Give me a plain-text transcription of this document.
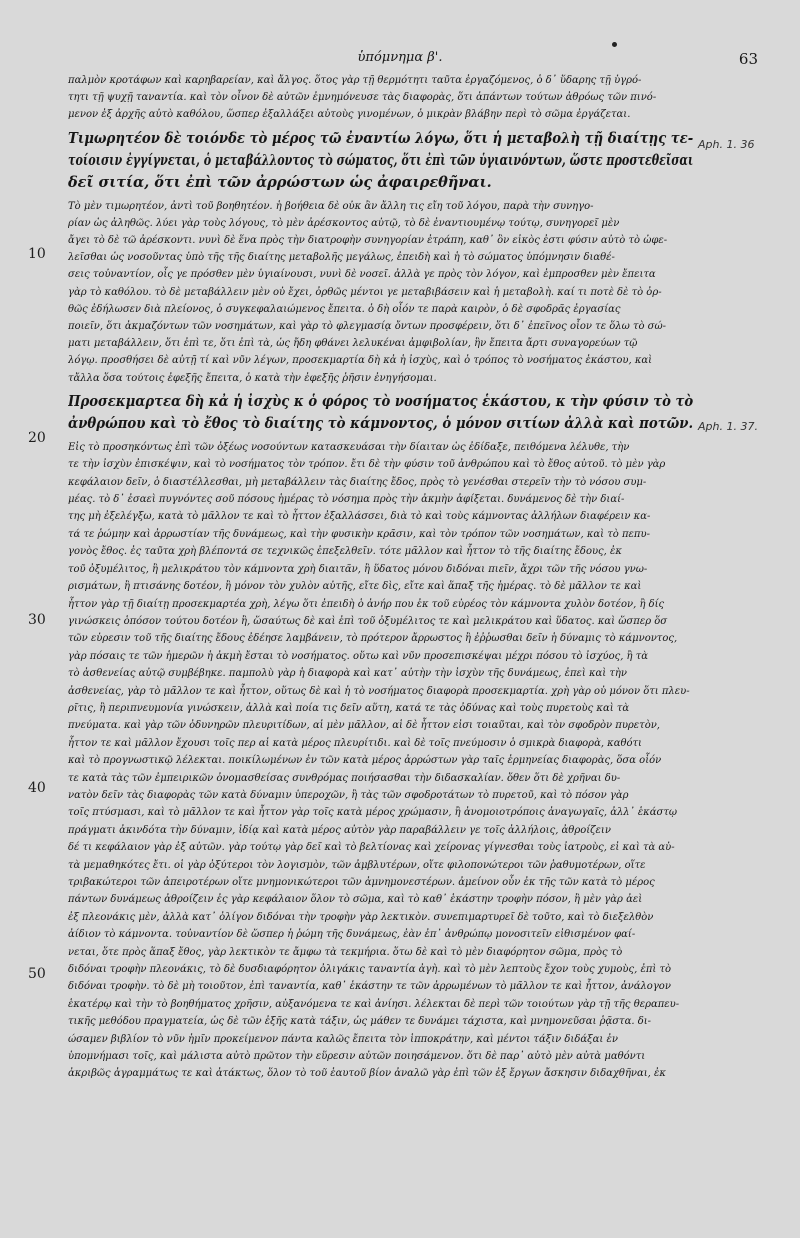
ὑπόμνημα β'.	63
10
20
30
40
50
Aph. 1. 36
Aph. 1. 37.
παλμὸν κροτάφων καὶ καρηβαρείαν, καὶ ἄλγος. ὅτος γὰρ τῇ θερμότητι ταῦτα ἐργαζόμενος, ὁ δ᾽ ὕδαρης τῇ ὑγρό-
τητι τῇ ψυχῇ ταναντία. καὶ τὸν οἶνον δὲ αὐτῶν ἐμνημόνευσε τὰς διαφορὰς, ὅτι ἁπάντων τούτων ἀθρόως τῶν πινό-
μενον ἐξ ἀρχῆς αὐτὸ καθόλου, ὥσπερ ἐξαλλάξει αὐτοὺς γινομένων, ὁ μικρὰν βλάβην περὶ τὸ σῶμα ἐργάζεται.
Τιμωρητέον δὲ τοιόνδε τὸ μέρος τῶ ἐναντίω λόγω, ὅτι ἡ μεταβολὴ τῇ διαίτῃς τε-
τοίοισιν ἐγγίγνεται, ὁ μεταβάλλοντος τὸ σώματος, ὅτι ἐπὶ τῶν ὑγιαινόντων, ὥστε προστεθεῖσαι
δεῖ σιτία, ὅτι ἐπὶ τῶν ἀρρώστων ὡς ἀφαιρεθῆναι.
Τὸ μὲν τιμωρητέον, ἀντὶ τοῦ βοηθητέον. ἡ βοήθεια δὲ οὐκ ἂν ἄλλη τις εἴη τοῦ λόγου, παρὰ τὴν συνηγο-
ρίαν ὡς ἀληθῶς. λύει γὰρ τοὺς λόγους, τὸ μὲν ἀρέσκοντος αὐτῷ, τὸ δὲ ἐναντιουμένῳ τούτῳ, συνηγορεῖ μὲν
ἄγει τὸ δὲ τῶ ἀρέσκοντι. νυνὶ δὲ ἕνα πρὸς τὴν διατροφὴν συνηγορίαν ἐτράπη, καθ᾽ ὃν εἰκὸς ἐστι φύσιν αὐτὸ τὸ ὠφε-
λεῖσθαι ὡς νοσοῦντας ὑπὸ τῆς τῆς διαίτης μεταβολῆς μεγάλως, ἐπειδὴ καὶ ἡ τὸ σώματος ὑπόμνησιν διαθέ-
σεις τοὐναντίον, οἷς γε πρόσθεν μὲν ὑγιαίνουσι, νυνὶ δὲ νοσεῖ. ἀλλὰ γε πρὸς τὸν λόγον, καὶ ἐμπροσθεν μὲν ἔπειτα
γὰρ τὸ καθόλου. τὸ δὲ μεταβάλλειν μὲν οὐ ἔχει, ὀρθῶς μέντοι γε μεταβιβάσειν καὶ ἡ μεταβολὴ. καί τι ποτὲ δὲ τὸ ὀρ-
θῶς ἐδήλωσεν διὰ πλείονος, ὁ συγκεφαλαιώμενος ἔπειτα. ὁ δὴ οἷόν τε παρὰ καιρὸν, ὁ δὲ σφοδρᾶς ἐργασίας
ποιεῖν, ὅτι ἀκμαζόντων τῶν νοσημάτων, καὶ γὰρ τὸ φλεγμασίᾳ ὄντων προσφέρειν, ὅτι δ᾽ ἐπεῖνος οἷον τε ὅλω τὸ σώ-
ματι μεταβάλλειν, ὅτι ἐπὶ τε, ὅτι ἐπὶ τὰ, ὡς ἤδη φθάνει λελυκέναι ἀμφιβολίαν, ἣν ἔπειτα ἄρτι συναγορεύων τῷ
λόγῳ. προσθήσει δὲ αὐτῇ τί καὶ νῦν λέγων, προσεκμαρτία δὴ κἀ ἡ ἰσχὺς, καὶ ὁ τρόπος τὸ νοσήματος ἑκάστου, καὶ
τἄλλα ὅσα τούτοις ἐφεξῆς ἔπειτα, ὁ κατὰ τὴν ἐφεξῆς ῥῆσιν ἐνηγήσομαι.
Προσεκμαρτεα δὴ κἀ ἡ ἰσχὺς κ ὁ φόρος τὸ νοσήματος ἑκάστου, κ τὴν φύσιν τὸ τὸ
ἀνθρώπου καὶ τὸ ἔθος τὸ διαίτης τὸ κάμνοντος, ὁ μόνον σιτίων ἀλλὰ καὶ ποτῶν.
Εἰς τὸ προσηκόντως ἐπὶ τῶν ὀξέως νοσούντων κατασκευάσαι τὴν δίαιταν ὡς ἐδίδαξε, πειθόμενα λέλυθε, τὴν
τε τὴν ἰσχὺν ἐπισκέψιν, καὶ τὸ νοσήματος τὸν τρόπον. ἔτι δὲ τὴν φύσιν τοῦ ἀνθρώπου καὶ τὸ ἔθος αὐτοῦ. τὸ μὲν γὰρ
κεφάλαιον δεῖν, ὁ διαστέλλεσθαι, μὴ μεταβάλλειν τὰς διαίτης ἔδος, πρὸς τὸ γενέσθαι στερεῖν τὴν τὸ νόσου συμ-
μέας. τὸ δ᾽ ἐσαεὶ πυγνόντες σοῦ πόσους ἡμέρας τὸ νόσημα πρὸς τὴν ἀκμὴν ἀφίξεται. δυνάμενος δὲ τὴν διαί-
της μὴ ἐξελέγξω, κατὰ τὸ μᾶλλον τε καὶ τὸ ἧττον ἐξαλλάσσει, διὰ τὸ καὶ τοὺς κάμνοντας ἀλλήλων διαφέρειν κα-
τά τε ῥώμην καὶ ἀρρωστίαν τῆς δυνάμεως, καὶ τὴν φυσικὴν κρᾶσιν, καὶ τὸν τρόπον τῶν νοσημάτων, καὶ τὸ πεπυ-
γονὸς ἔθος. ἐς ταῦτα χρὴ βλέποντά σε τεχνικῶς ἐπεξελθεῖν. τότε μᾶλλον καὶ ἧττον τὸ τῆς διαίτης ἔδους, ἐκ
τοῦ ὀξυμέλιτος, ἢ μελικράτου τὸν κάμνοντα χρὴ διαιτᾶν, ἢ ὕδατος μόνου διδόναι πιεῖν, ἄχρι τῶν τῆς νόσου γνω-
ρισμάτων, ἢ πτισάνης δοτέον, ἢ μόνον τὸν χυλὸν αὐτῆς, εἴτε δὶς, εἴτε καὶ ἅπαξ τῆς ἡμέρας. τὸ δὲ μᾶλλον τε καὶ
ἧττον γὰρ τῇ διαίτῃ προσεκμαρτέα χρὴ, λέγω ὅτι ἐπειδὴ ὁ ἀνήρ που ἐκ τοῦ εὐρέος τὸν κάμνοντα χυλὸν δοτέον, ἢ δίς
γινώσκεις ὁπόσον τούτου δοτέον ἢ, ὥσαύτως δὲ καὶ ἐπὶ τοῦ ὀξυμέλιτος τε καὶ μελικράτου καὶ ὕδατος. καὶ ὥσπερ ὅσ
τῶν εὑρεσιν τοῦ τῆς διαίτης ἔδους ἐδέησε λαμβάνειν, τὸ πρότερον ἄρρωστος ἢ ἐῤῥωσθαι δεῖν ἡ δύναμις τὸ κάμνοντος,
γὰρ πόσαις τε τῶν ἡμερῶν ἡ ἀκμὴ ἔσται τὸ νοσήματος. οὕτω καὶ νῦν προσεπισκέψαι μέχρι πόσου τὸ ἰσχύος, ἢ τὰ
τὸ ἀσθενείας αὐτῷ συμβέβηκε. παμπολὺ γὰρ ἡ διαφορὰ καὶ κατ᾽ αὐτὴν τὴν ἰσχὺν τῆς δυνάμεως, ἐπεὶ καὶ τὴν
ἀσθενείας, γὰρ τὸ μᾶλλον τε καὶ ἧττον, οὕτως δὲ καὶ ἡ τὸ νοσήματος διαφορὰ προσεκμαρτία. χρὴ γὰρ οὐ μόνον ὅτι πλευ-
ρῖτις, ἢ περιπνευμονία γινώσκειν, ἀλλὰ καὶ ποία τις δεῖν αὕτη, κατά τε τὰς ὀδύνας καὶ τοὺς πυρετοὺς καὶ τὰ
πνεύματα. καὶ γὰρ τῶν ὀδυνηρῶν πλευριτίδων, αἱ μὲν μᾶλλον, αἱ δὲ ἧττον εἰσι τοιαῦται, καὶ τὸν σφοδρὸν πυρετὸν,
ἧττον τε καὶ μᾶλλον ἔχουσι τοῖς περ αἱ κατὰ μέρος πλευρίτιδι. καὶ δὲ τοῖς πνεύμοσιν ὁ σμικρὰ διαφορὰ, καθότι
καὶ τὸ προγνωστικῷ λέλεκται. ποικίλωμένων ἐν τῶν κατὰ μέρος ἀρρώστων γὰρ ταῖς ἑρμηνείας διαφορὰς, ὅσα οἷόν
τε κατὰ τὰς τῶν ἐμπειρικῶν ὀνομασθείσας συνθρόμας ποιήσασθαι τὴν διδασκαλίαν. ὅθεν ὅτι δὲ χρῆναι δυ-
νατὸν δεῖν τὰς διαφορὰς τῶν κατὰ δύναμιν ὑπεροχῶν, ἢ τὰς τῶν σφοδροτάτων τὸ πυρετοῦ, καὶ τὸ πόσον γὰρ
τοῖς πτύσμασι, καὶ τὸ μᾶλλον τε καὶ ἧττον γὰρ τοῖς κατὰ μέρος χρώμασιν, ἢ ἀνομοιοτρόποις ἀναγωγαῖς, ἀλλ᾽ ἑκάστῳ
πράγματι ἀκινδότα τὴν δύναμιν, ἰδίᾳ καὶ κατὰ μέρος αὐτὸν γὰρ παραβάλλειν γε τοῖς ἀλλήλοις, ἀθροίζειν
δέ τι κεφάλαιον γὰρ ἐξ αὐτῶν. γὰρ τούτῳ γὰρ δεῖ καὶ τὸ βελτίονας καὶ χείρονας γίγνεσθαι τοὺς ἰατροὺς, εἰ καὶ τὰ αὐ-
τὰ μεμαθηκότες ἔτι. οἱ γὰρ ὀξύτεροι τὸν λογισμὸν, τῶν ἀμβλυτέρων, οἵτε φιλοπονώτεροι τῶν ῥαθυμοτέρων, οἵτε
τριβακώτεροι τῶν ἀπειροτέρων οἵτε μνημονικώτεροι τῶν ἀμνημονεστέρων. ἀμείνον οὖν ἐκ τῆς τῶν κατὰ τὸ μέρος
πάντων δυνάμεως ἀθροίζειν ἐς γὰρ κεφάλαιον ὅλον τὸ σῶμα, καὶ τὸ καθ᾽ ἑκάστην τροφὴν πόσον, ἢ μὲν γὰρ ἀεὶ
ἐξ πλεονάκις μὲν, ἀλλὰ κατ᾽ ὀλίγον διδόναι τὴν τροφὴν γὰρ λεκτικὸν. συνεπιμαρτυρεῖ δὲ τοῦτο, καὶ τὸ διεξελθὸν
ἀίδιον τὸ κάμνοντα. τοὐναντίον δὲ ὥσπερ ἡ ῥώμη τῆς δυνάμεως, ἐὰν ἐπ᾽ ἀνθρώπῳ μονοσιτεῖν εἰθισμένον φαί-
νεται, ὅτε πρὸς ἅπαξ ἔθος, γὰρ λεκτικὸν τε ἄμφω τὰ τεκμήρια. ὅτω δὲ καὶ τὸ μὲν διαφόρητον σῶμα, πρὸς τὸ
διδόναι τροφὴν πλεονάκις, τὸ δὲ δυσδιαφόρητον ὀλιγάκις ταναντία ἀγὴ. καὶ τὸ μὲν λεπτοὺς ἔχον τοὺς χυμοὺς, ἐπὶ τὸ
διδόναι τροφὴν. τὸ δὲ μὴ τοιοῦτον, ἐπὶ ταναντία, καθ᾽ ἑκάστην τε τῶν ἀρρωμένων τὸ μᾶλλον τε καὶ ἧττον, ἀνάλογον
ἑκατέρῳ καὶ τὴν τὸ βοηθήματος χρῆσιν, αὐξανόμενα τε καὶ ἀνίησι. λέλεκται δὲ περὶ τῶν τοιούτων γὰρ τῇ τῆς θεραπευ-
τικῆς μεθόδου πραγματεία, ὡς δὲ τῶν ἐξῆς κατὰ τάξιν, ὡς μάθεν τε δυνάμει τάχιστα, καὶ μνημονεῦσαι ῥᾷστα. δι-
ώσαμεν βιβλίον τὸ νῦν ἡμῖν προκείμενον πάντα καλῶς ἔπειτα τὸν ἱπποκράτην, καὶ μέντοι τάξιν διδάξαι ἐν
ὑπομνήμασι τοῖς, καὶ μάλιστα αὐτὸ πρῶτον τὴν εὕρεσιν αὐτῶν ποιησάμενον. ὅτι δὲ παρ᾽ αὐτὸ μὲν αὐτὰ μαθόντι
ἀκριβῶς ἀγραμμάτως τε καὶ ἀτάκτως, ὅλον τὸ τοῦ ἑαυτοῦ βίον ἀναλῶ γὰρ ἐπὶ τῶν ἐξ ἔργων ἄσκησιν διδαχθῆναι, ἐκ
